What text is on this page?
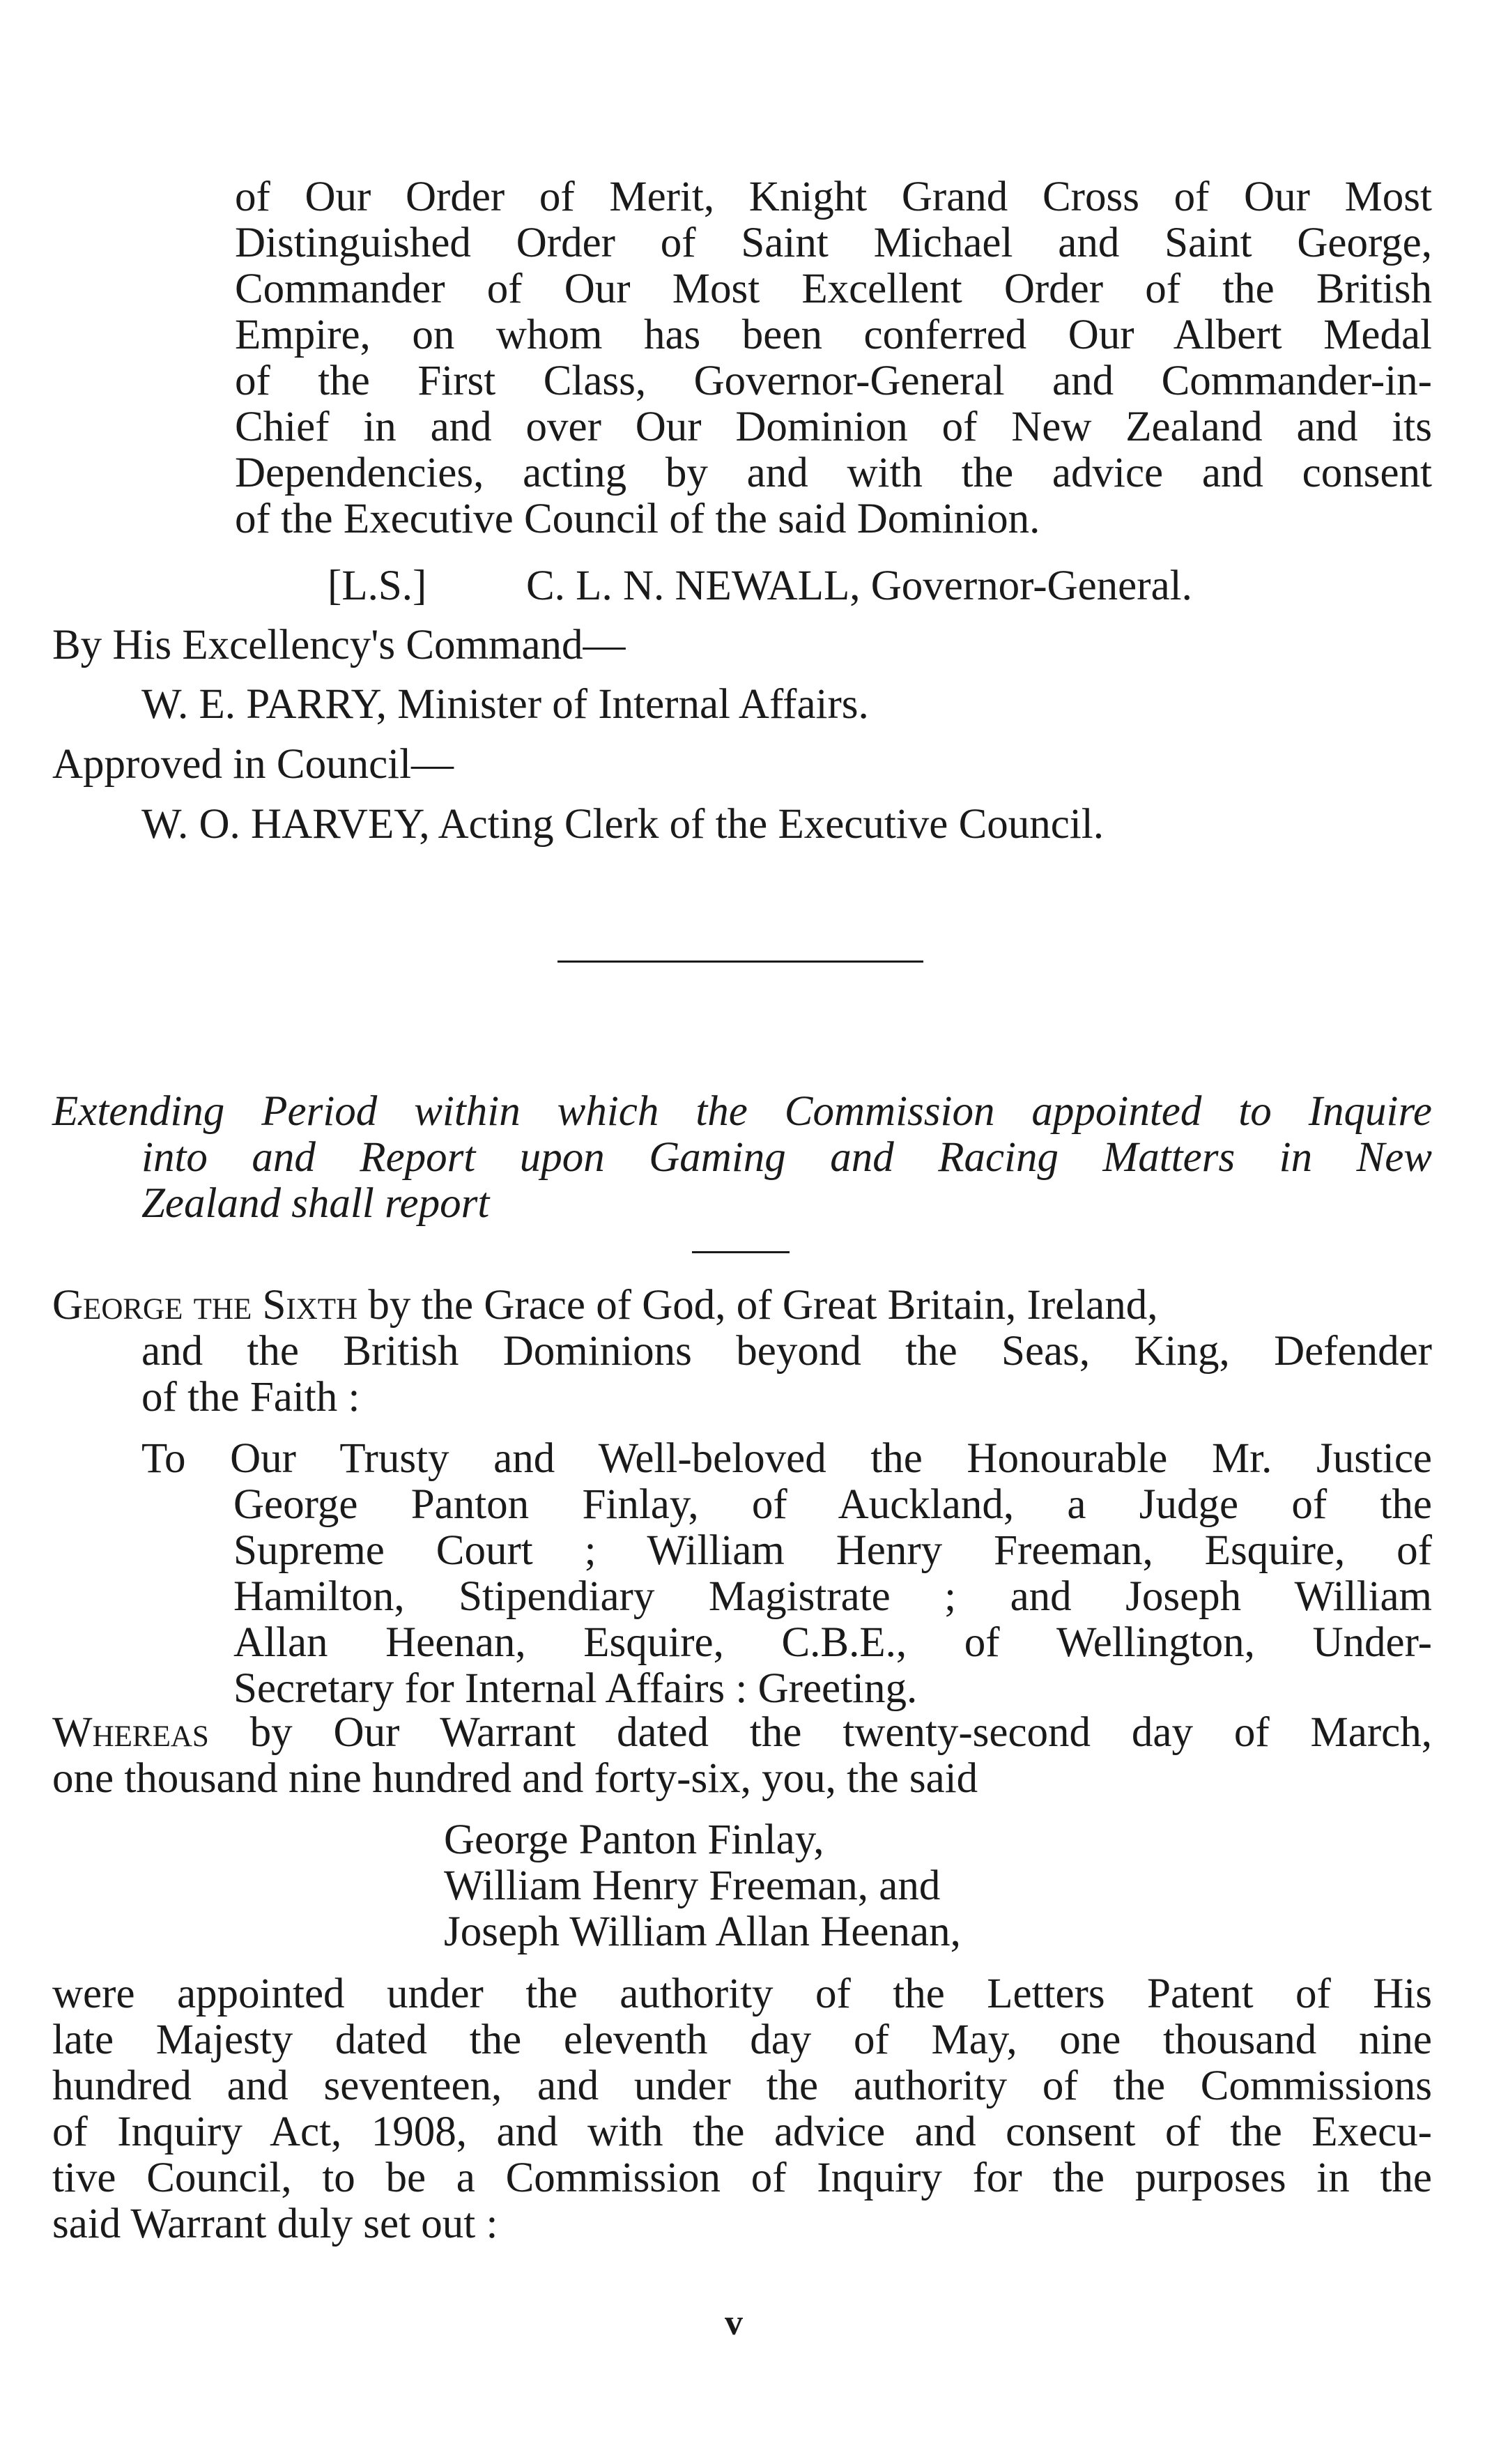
of Our Order of Merit, Knight Grand Cross of Our Most
Distinguished Order of Saint Michael and Saint George,
Commander of Our Most Excellent Order of the British
Empire, on whom has been conferred Our Albert Medal
of the First Class, Governor-General and Commander-in-
Chief in and over Our Dominion of New Zealand and its
Dependencies, acting by and with the advice and consent
of the Executive Council of the said Dominion.
[L.S.] C. L. N. NEWALL, Governor-General.
By His Excellency's Command—
W. E. PARRY, Minister of Internal Affairs.
Approved in Council—
W. O. HARVEY, Acting Clerk of the Executive Council.
Extending Period within which the Commission appointed to Inquire
into and Report upon Gaming and Racing Matters in New
Zealand shall report
George the Sixth by the Grace of God, of Great Britain, Ireland,
and the British Dominions beyond the Seas, King, Defender
of the Faith :
To Our Trusty and Well-beloved the Honourable Mr. Justice
George Panton Finlay, of Auckland, a Judge of the
Supreme Court ; William Henry Freeman, Esquire, of
Hamilton, Stipendiary Magistrate ; and Joseph William
Allan Heenan, Esquire, C.B.E., of Wellington, Under-
Secretary for Internal Affairs : Greeting.
Whereas by Our Warrant dated the twenty-second day of March,
one thousand nine hundred and forty-six, you, the said
George Panton Finlay,
William Henry Freeman, and
Joseph William Allan Heenan,
were appointed under the authority of the Letters Patent of His
late Majesty dated the eleventh day of May, one thousand nine
hundred and seventeen, and under the authority of the Commissions
of Inquiry Act, 1908, and with the advice and consent of the Execu-
tive Council, to be a Commission of Inquiry for the purposes in the
said Warrant duly set out :
v
